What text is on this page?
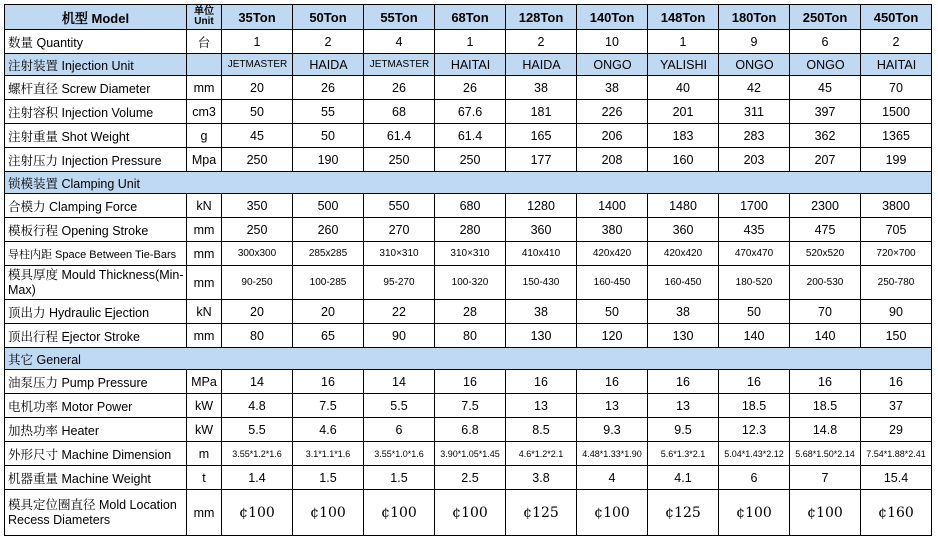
机型 Model	单位 Unit	35Ton	50Ton	55Ton	68Ton	128Ton	140Ton	148Ton	180Ton	250Ton	450Ton
数量 Quantity	台	1	2	4	1	2	10	1	9	6	2
注射装置 Injection Unit		JETMASTER	HAIDA	JETMASTER	HAITAI	HAIDA	ONGO	YALISHI	ONGO	ONGO	HAITAI
螺杆直径 Screw Diameter	mm	20	26	26	26	38	38	40	42	45	70
注射容积 Injection Volume	cm3	50	55	68	67.6	181	226	201	311	397	1500
注射重量 Shot Weight	g	45	50	61.4	61.4	165	206	183	283	362	1365
注射压力 Injection Pressure	Mpa	250	190	250	250	177	208	160	203	207	199
锁模装置 Clamping Unit											
合模力 Clamping Force	kN	350	500	550	680	1280	1400	1480	1700	2300	3800
模板行程 Opening Stroke	mm	250	260	270	280	360	380	360	435	475	705
导柱内距 Space Between Tie-Bars	mm	300x300	285x285	310×310	310×310	410x410	420x420	420x420	470x470	520x520	720×700
模具厚度 Mould Thickness(Min-Max)	mm	90-250	100-285	95-270	100-320	150-430	160-450	160-450	180-520	200-530	250-780
顶出力 Hydraulic Ejection	kN	20	20	22	28	38	50	38	50	70	90
顶出行程 Ejector Stroke	mm	80	65	90	80	130	120	130	140	140	150
其它 General											
油泵压力 Pump Pressure	MPa	14	16	14	16	16	16	16	16	16	16
电机功率 Motor Power	kW	4.8	7.5	5.5	7.5	13	13	13	18.5	18.5	37
加热功率 Heater	kW	5.5	4.6	6	6.8	8.5	9.3	9.5	12.3	14.8	29
外形尺寸 Machine Dimension	m	3.55*1.2*1.6	3.1*1.1*1.6	3.55*1.0*1.6	3.90*1.05*1.45	4.6*1.2*2.1	4.48*1.33*1.90	5.6*1.3*2.1	5.04*1.43*2.12	5.68*1.50*2.14	7.54*1.88*2.41
机器重量 Machine Weight	t	1.4	1.5	1.5	2.5	3.8	4	4.1	6	7	15.4
模具定位圈直径 Mold Location Recess Diameters	mm	¢100	¢100	¢100	¢100	¢125	¢100	¢125	¢100	¢100	¢160
